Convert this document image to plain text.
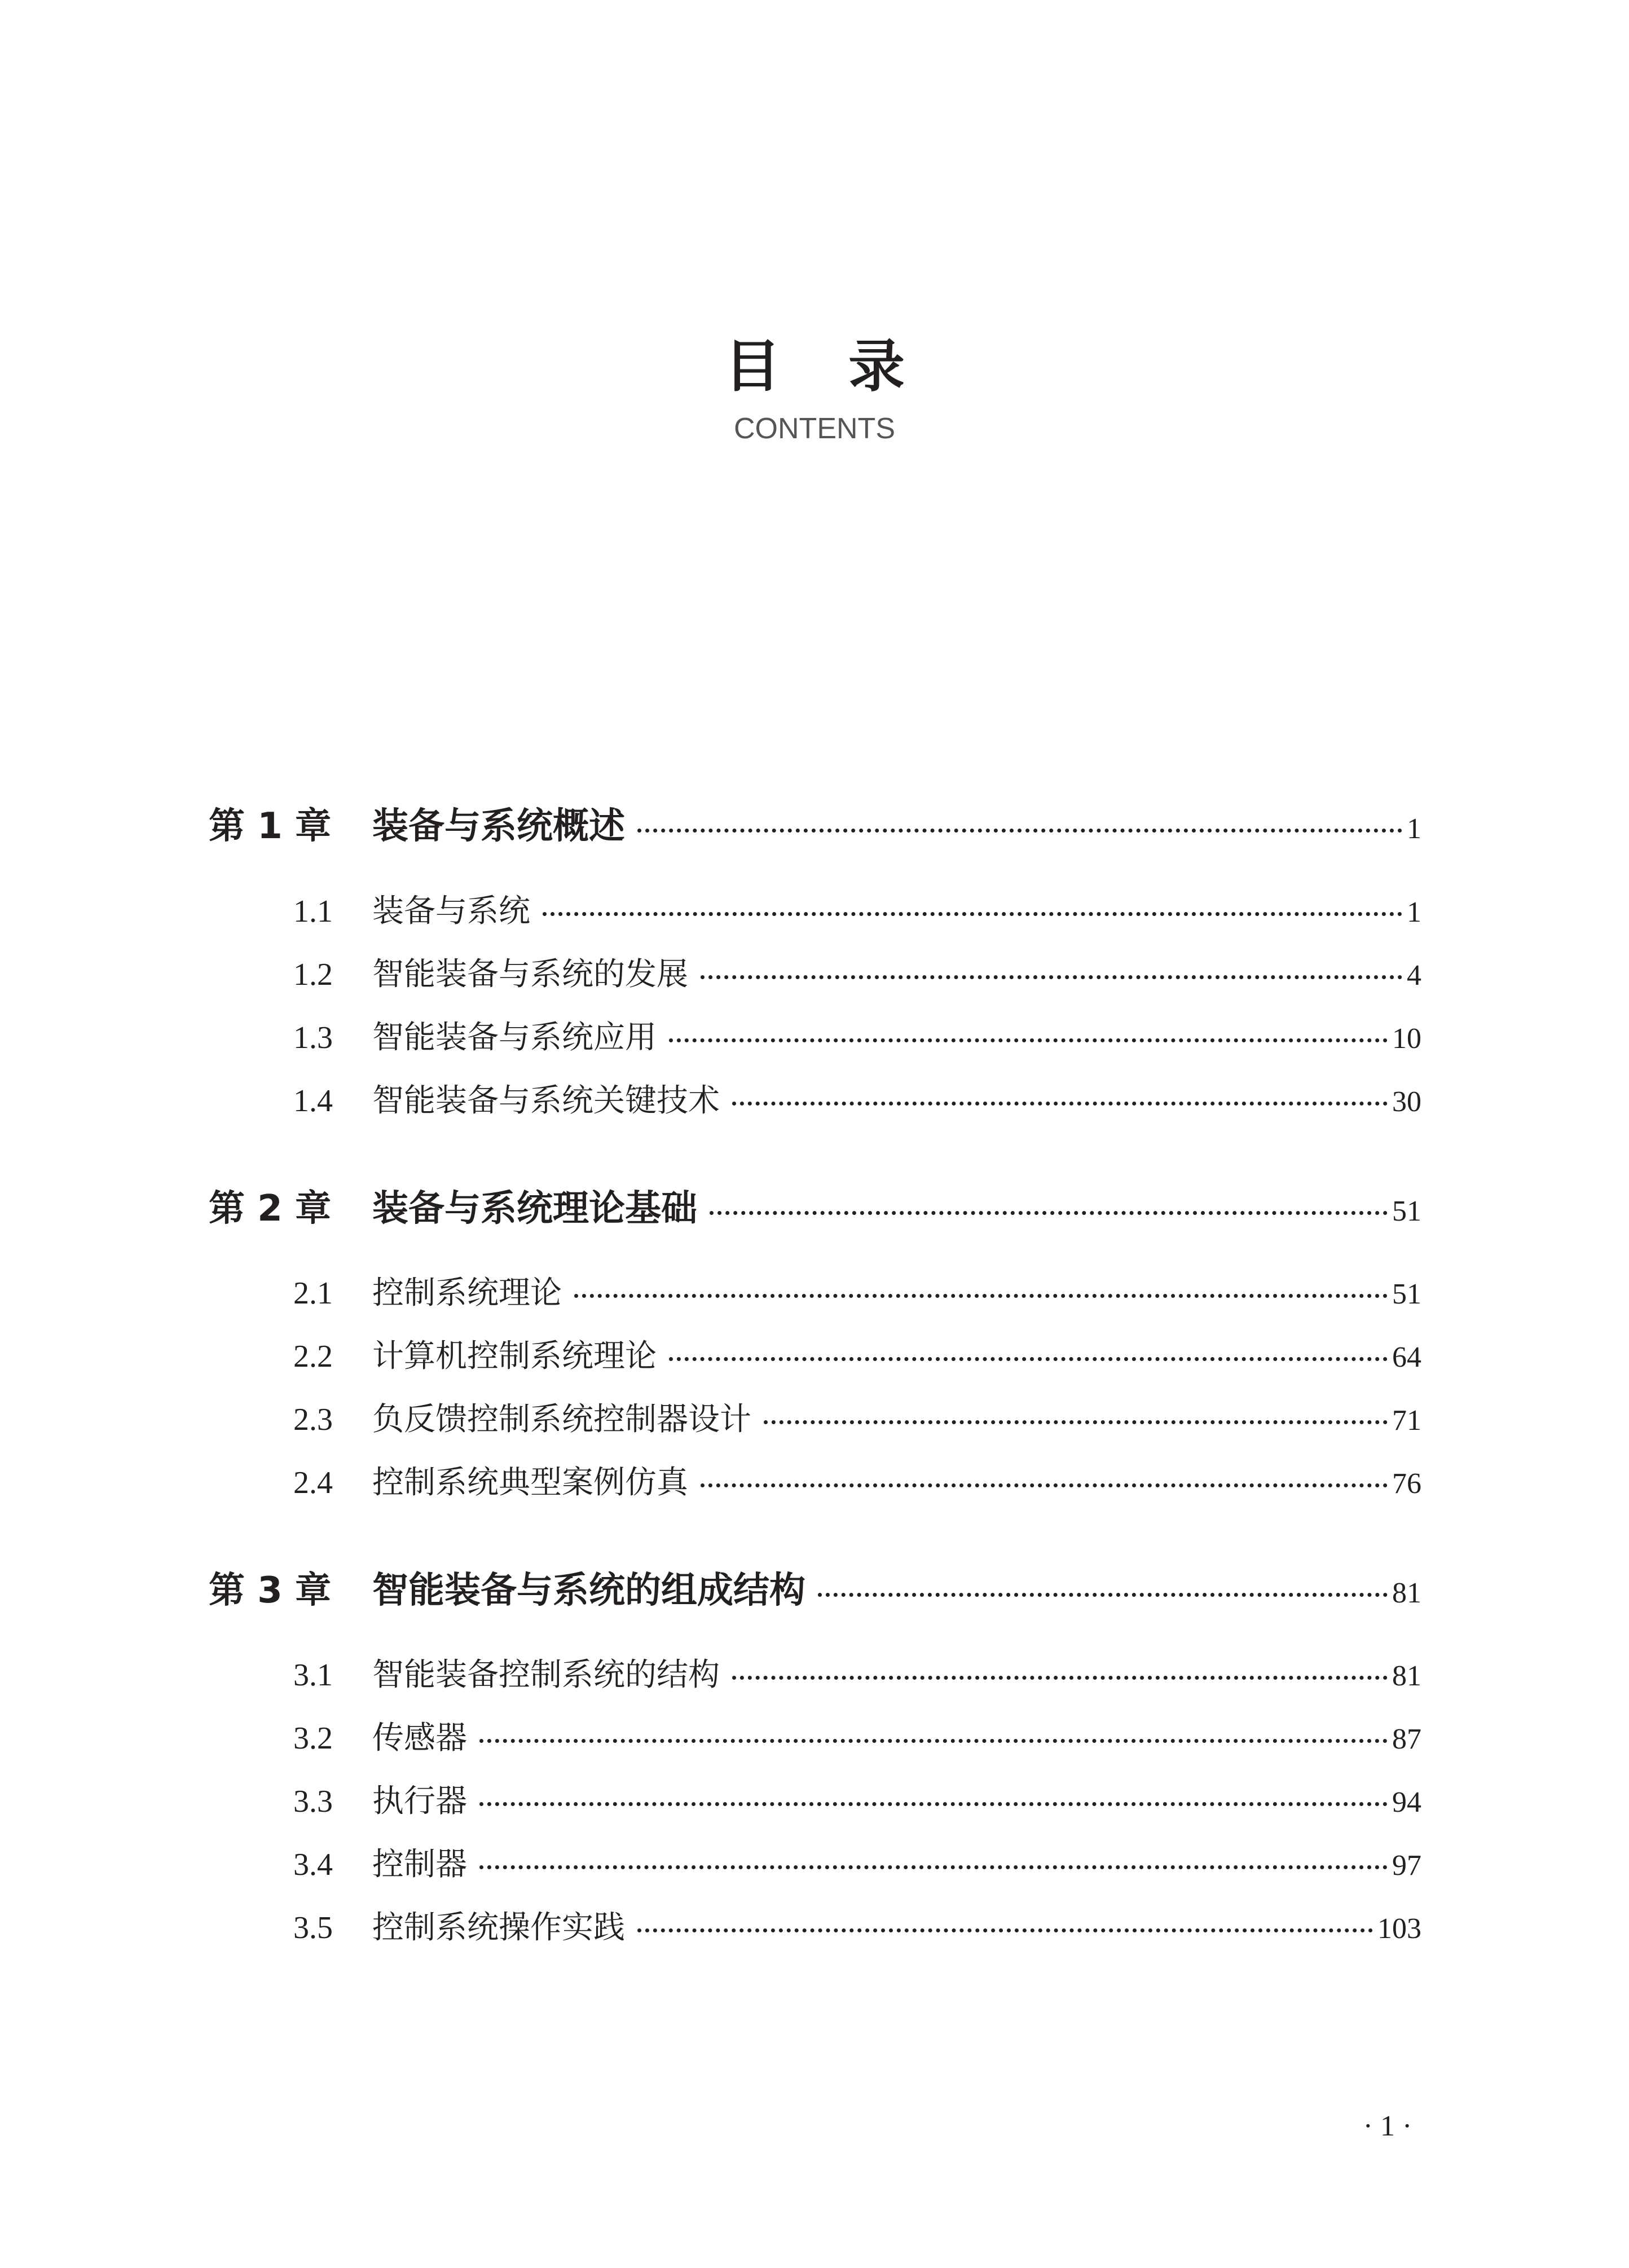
目录
CONTENTS
第 1 章	装备与系统概述	1
1.1	装备与系统	1
1.2	智能装备与系统的发展	4
1.3	智能装备与系统应用	10
1.4	智能装备与系统关键技术	30
第 2 章	装备与系统理论基础	51
2.1	控制系统理论	51
2.2	计算机控制系统理论	64
2.3	负反馈控制系统控制器设计	71
2.4	控制系统典型案例仿真	76
第 3 章	智能装备与系统的组成结构	81
3.1	智能装备控制系统的结构	81
3.2	传感器	87
3.3	执行器	94
3.4	控制器	97
3.5	控制系统操作实践	103
· 1 ·
